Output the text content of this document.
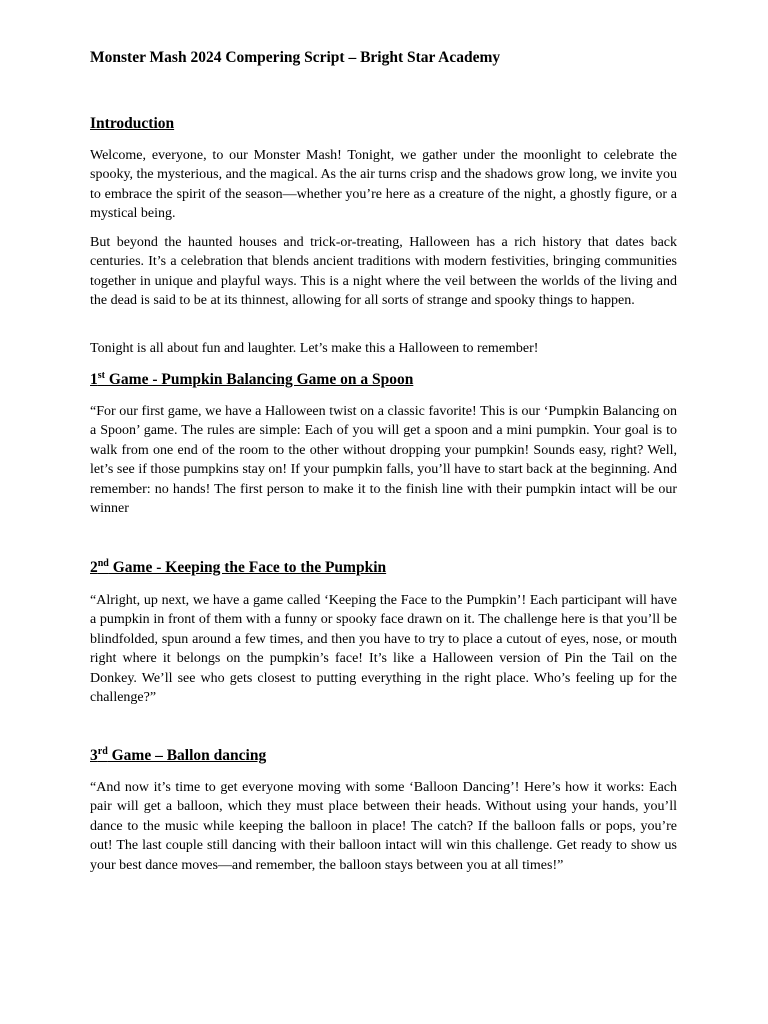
Monster Mash 2024 Compering Script – Bright Star Academy
Introduction

Welcome, everyone, to our Monster Mash! Tonight, we gather under the moonlight to celebrate the spooky, the mysterious, and the magical. As the air turns crisp and the shadows grow long, we invite you to embrace the spirit of the season—whether you’re here as a creature of the night, a ghostly figure, or a mystical being.

But beyond the haunted houses and trick-or-treating, Halloween has a rich history that dates back centuries. It’s a celebration that blends ancient traditions with modern festivities, bringing communities together in unique and playful ways. This is a night where the veil between the worlds of the living and the dead is said to be at its thinnest, allowing for all sorts of strange and spooky things to happen.

Tonight is all about fun and laughter. Let’s make this a Halloween to remember!

1st Game - Pumpkin Balancing Game on a Spoon

“For our first game, we have a Halloween twist on a classic favorite! This is our ‘Pumpkin Balancing on a Spoon’ game. The rules are simple: Each of you will get a spoon and a mini pumpkin. Your goal is to walk from one end of the room to the other without dropping your pumpkin! Sounds easy, right? Well, let’s see if those pumpkins stay on! If your pumpkin falls, you’ll have to start back at the beginning. And remember: no hands! The first person to make it to the finish line with their pumpkin intact will be our winner

2nd Game - Keeping the Face to the Pumpkin

“Alright, up next, we have a game called ‘Keeping the Face to the Pumpkin’! Each participant will have a pumpkin in front of them with a funny or spooky face drawn on it. The challenge here is that you’ll be blindfolded, spun around a few times, and then you have to try to place a cutout of eyes, nose, or mouth right where it belongs on the pumpkin’s face! It’s like a Halloween version of Pin the Tail on the Donkey. We’ll see who gets closest to putting everything in the right place. Who’s feeling up for the challenge?”

3rd Game – Ballon dancing

“And now it’s time to get everyone moving with some ‘Balloon Dancing’! Here’s how it works: Each pair will get a balloon, which they must place between their heads. Without using your hands, you’ll dance to the music while keeping the balloon in place! The catch? If the balloon falls or pops, you’re out! The last couple still dancing with their balloon intact will win this challenge. Get ready to show us your best dance moves—and remember, the balloon stays between you at all times!”
